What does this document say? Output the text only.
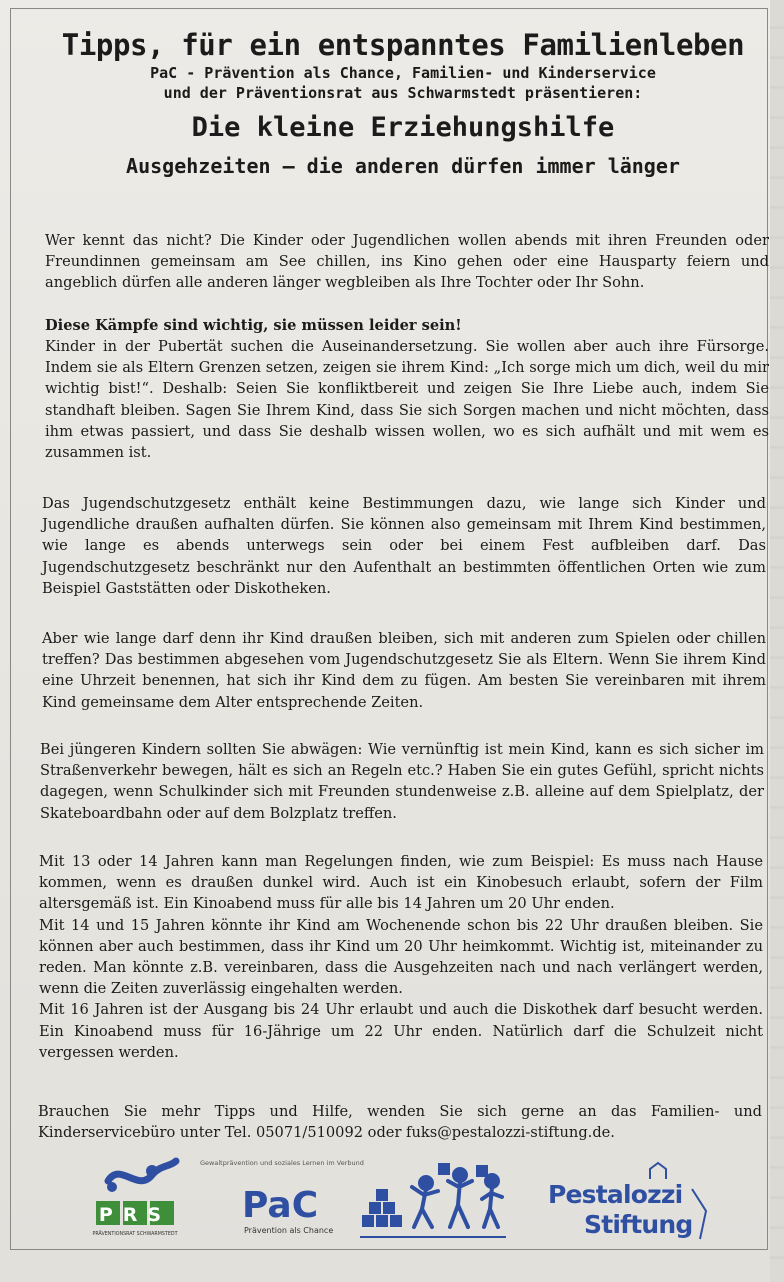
Tipps, für ein entspanntes Familienleben
PaC - Prävention als Chance, Familien- und Kinderservice
und der Präventionsrat aus Schwarmstedt präsentieren:
Die kleine Erziehungshilfe
Ausgehzeiten – die anderen dürfen immer länger

Wer kennt das nicht? Die Kinder oder Jugendlichen wollen abends mit ihren Freunden oder Freundinnen gemeinsam am See chillen, ins Kino gehen oder eine Hausparty feiern und angeblich dürfen alle anderen länger wegbleiben als Ihre Tochter oder Ihr Sohn.

Diese Kämpfe sind wichtig, sie müssen leider sein!

Kinder in der Pubertät suchen die Auseinandersetzung. Sie wollen aber auch ihre Fürsorge. Indem sie als Eltern Grenzen setzen, zeigen sie ihrem Kind: „Ich sorge mich um dich, weil du mir wichtig bist!“. Deshalb: Seien Sie konfliktbereit und zeigen Sie Ihre Liebe auch, indem Sie standhaft bleiben. Sagen Sie Ihrem Kind, dass Sie sich Sorgen machen und nicht möchten, dass ihm etwas passiert, und dass Sie deshalb wissen wollen, wo es sich aufhält und mit wem es zusammen ist.

Das Jugendschutzgesetz enthält keine Bestimmungen dazu, wie lange sich Kinder und Jugendliche draußen aufhalten dürfen. Sie können also gemeinsam mit Ihrem Kind bestimmen, wie lange es abends unterwegs sein oder bei einem Fest aufbleiben darf. Das Jugendschutzgesetz beschränkt nur den Aufenthalt an bestimmten öffentlichen Orten wie zum Beispiel Gaststätten oder Diskotheken.

Aber wie lange darf denn ihr Kind draußen bleiben, sich mit anderen zum Spielen oder chillen treffen? Das bestimmen abgesehen vom Jugendschutzgesetz Sie als Eltern. Wenn Sie ihrem Kind eine Uhrzeit benennen, hat sich ihr Kind dem zu fügen. Am besten Sie vereinbaren mit ihrem Kind gemeinsame dem Alter entsprechende Zeiten.

Bei jüngeren Kindern sollten Sie abwägen: Wie vernünftig ist mein Kind, kann es sich sicher im Straßenverkehr bewegen, hält es sich an Regeln etc.? Haben Sie ein gutes Gefühl, spricht nichts dagegen, wenn Schulkinder sich mit Freunden stundenweise z.B. alleine auf dem Spielplatz, der Skateboardbahn oder auf dem Bolzplatz treffen.

Mit 13 oder 14 Jahren kann man Regelungen finden, wie zum Beispiel: Es muss nach Hause kommen, wenn es draußen dunkel wird. Auch ist ein Kinobesuch erlaubt, sofern der Film altersgemäß ist. Ein Kinoabend muss für alle bis 14 Jahren um 20 Uhr enden.
Mit 14 und 15 Jahren könnte ihr Kind am Wochenende schon bis 22 Uhr draußen bleiben. Sie können aber auch bestimmen, dass ihr Kind um 20 Uhr heimkommt. Wichtig ist, miteinander zu reden. Man könnte z.B. vereinbaren, dass die Ausgehzeiten nach und nach verlängert werden, wenn die Zeiten zuverlässig eingehalten werden.
Mit 16 Jahren ist der Ausgang bis 24 Uhr erlaubt und auch die Diskothek darf besucht werden. Ein Kinoabend muss für 16-Jährige um 22 Uhr enden. Natürlich darf die Schulzeit nicht vergessen werden.

Brauchen Sie mehr Tipps und Hilfe, wenden Sie sich gerne an das Familien- und Kinderservicebüro unter Tel. 05071/510092 oder fuks@pestalozzi-stiftung.de.

Gewaltprävention und soziales Lernen im Verbund
PRS
PRÄVENTIONSRAT SCHWARMSTEDT
PaC
Prävention als Chance
Pestalozzi
Stiftung
